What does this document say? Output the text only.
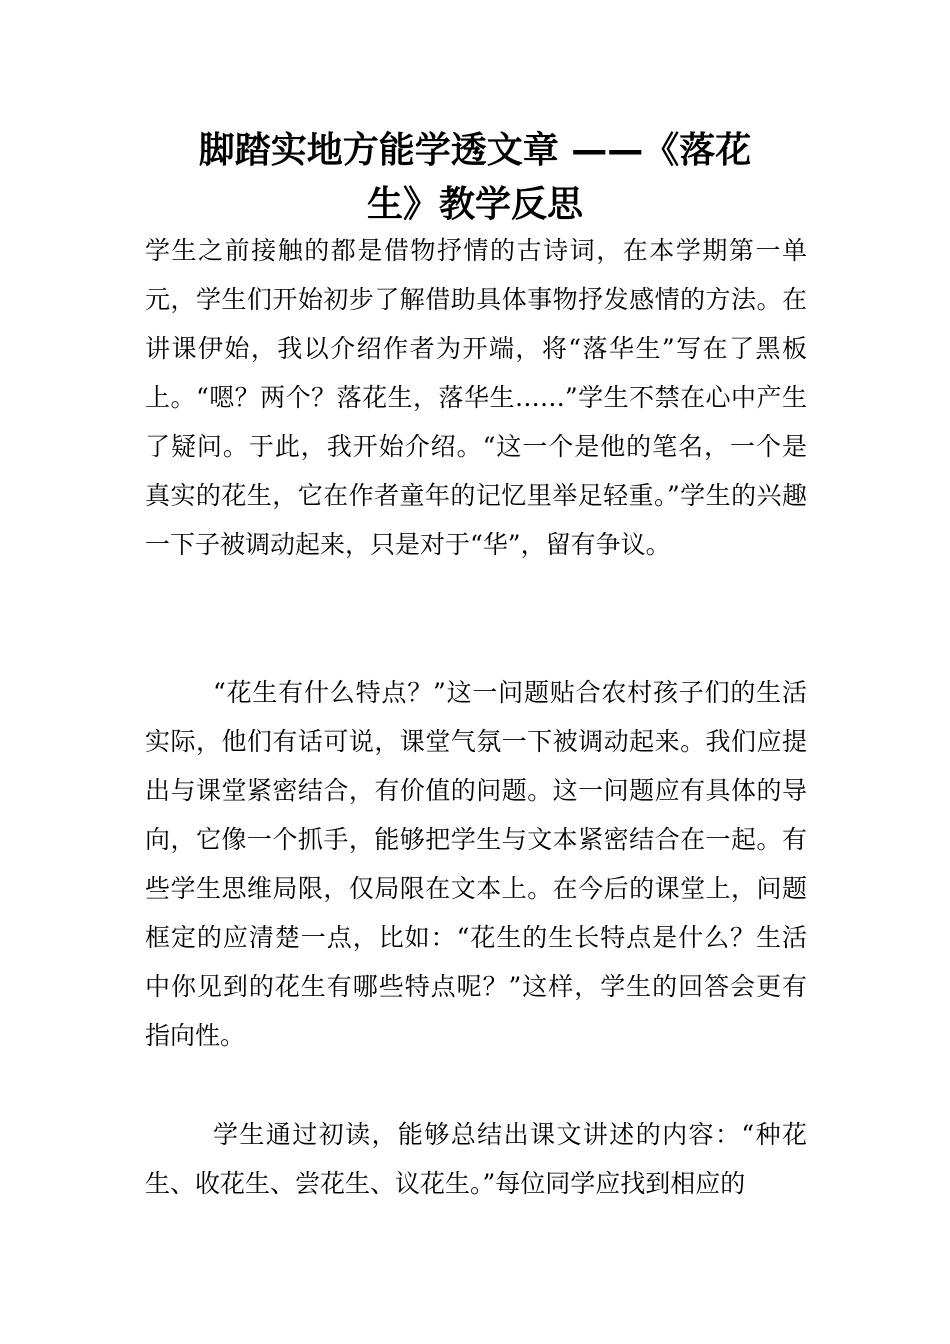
脚踏实地方能学透文章 ——《落花
生》教学反思

学生之前接触的都是借物抒情的古诗词，在本学期第一单元，学生们开始初步了解借助具体事物抒发感情的方法。在讲课伊始，我以介绍作者为开端，将“落华生”写在了黑板上。“嗯？两个？落花生，落华生……”学生不禁在心中产生了疑问。于此，我开始介绍。“这一个是他的笔名，一个是真实的花生，它在作者童年的记忆里举足轻重。”学生的兴趣一下子被调动起来，只是对于“华”，留有争议。

“花生有什么特点？”这一问题贴合农村孩子们的生活实际，他们有话可说，课堂气氛一下被调动起来。我们应提出与课堂紧密结合，有价值的问题。这一问题应有具体的导向，它像一个抓手，能够把学生与文本紧密结合在一起。有些学生思维局限，仅局限在文本上。在今后的课堂上，问题框定的应清楚一点，比如：“花生的生长特点是什么？生活中你见到的花生有哪些特点呢？”这样，学生的回答会更有指向性。

学生通过初读，能够总结出课文讲述的内容：“种花生、收花生、尝花生、议花生。”每位同学应找到相应的
